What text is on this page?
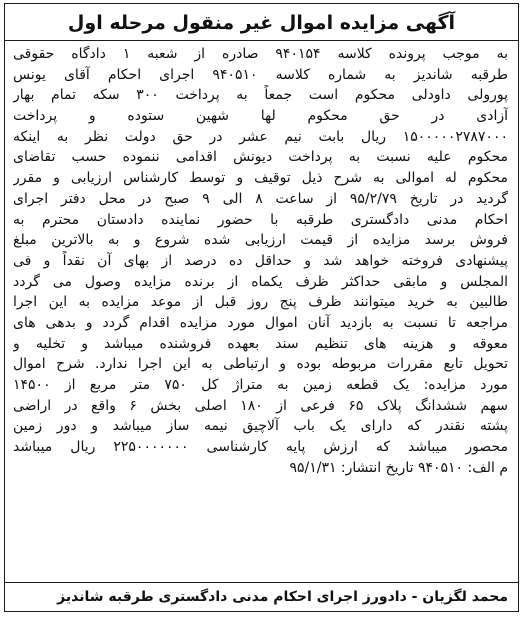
آگهی مزایده اموال غیر منقول مرحله اول
به موجب پرونده کلاسه ۹۴۰۱۵۴ صادره از شعبه ۱ دادگاه حقوقی
طرقبه شاندیز به شماره کلاسه ۹۴۰۵۱۰ اجرای احکام آقای یونس
پورولی داودلی محکوم است جمعاً به پرداخت ۳۰۰ سکه تمام بهار
آزادی در حق محکوم لها شهین ستوده و پرداخت
۱۵۰۰۰۰۰۲۷۸۷۰۰۰ ریال بابت نیم عشر در حق دولت نظر به اینکه
محکوم علیه نسبت به پرداخت دیونش اقدامی ننموده حسب تقاضای
محکوم له اموالی به شرح ذیل توقیف و توسط کارشناس ارزیابی و مقرر
گردید در تاریخ ۹۵/۲/۷۹ از ساعت ۸ الی ۹ صبح در محل دفتر اجرای
احکام مدنی دادگستری طرقبه با حضور نماینده دادستان محترم به
فروش برسد مزایده از قیمت ارزیابی شده شروع و به بالاترین مبلغ
پیشنهادی فروخته خواهد شد و حداقل ده درصد از بهای آن نقداً و فی
المجلس و مابقی حداکثر ظرف یکماه از برنده مزایده وصول می گردد
طالبین به خرید میتوانند ظرف پنج روز قبل از موعد مزایده به این اجرا
مراجعه تا نسبت به بازدید آنان اموال مورد مزایده اقدام گردد و بدهی های
معوقه و هزینه های تنظیم سند بعهده فروشنده میباشد و تخلیه و
تحویل تابع مقررات مربوطه بوده و ارتباطی به این اجرا ندارد. شرح اموال
مورد مزایده: یک قطعه زمین به متراژ کل ۷۵۰ متر مربع از ۱۴۵۰۰
سهم ششدانگ پلاک ۶۵ فرعی از ۱۸۰ اصلی بخش ۶ واقع در اراضی
پشته نقندر که دارای یک باب آلاچیق نیمه ساز میباشد و دور زمین
محصور میباشد که ارزش پایه کارشناسی ۲۲۵۰۰۰۰۰۰۰ ریال میباشد
م الف: ۹۴۰۵۱۰ تاریخ انتشار: ۹۵/۱/۳۱
محمد لگزیان - دادورز اجرای احکام مدنی دادگستری طرقبه شاندیز
